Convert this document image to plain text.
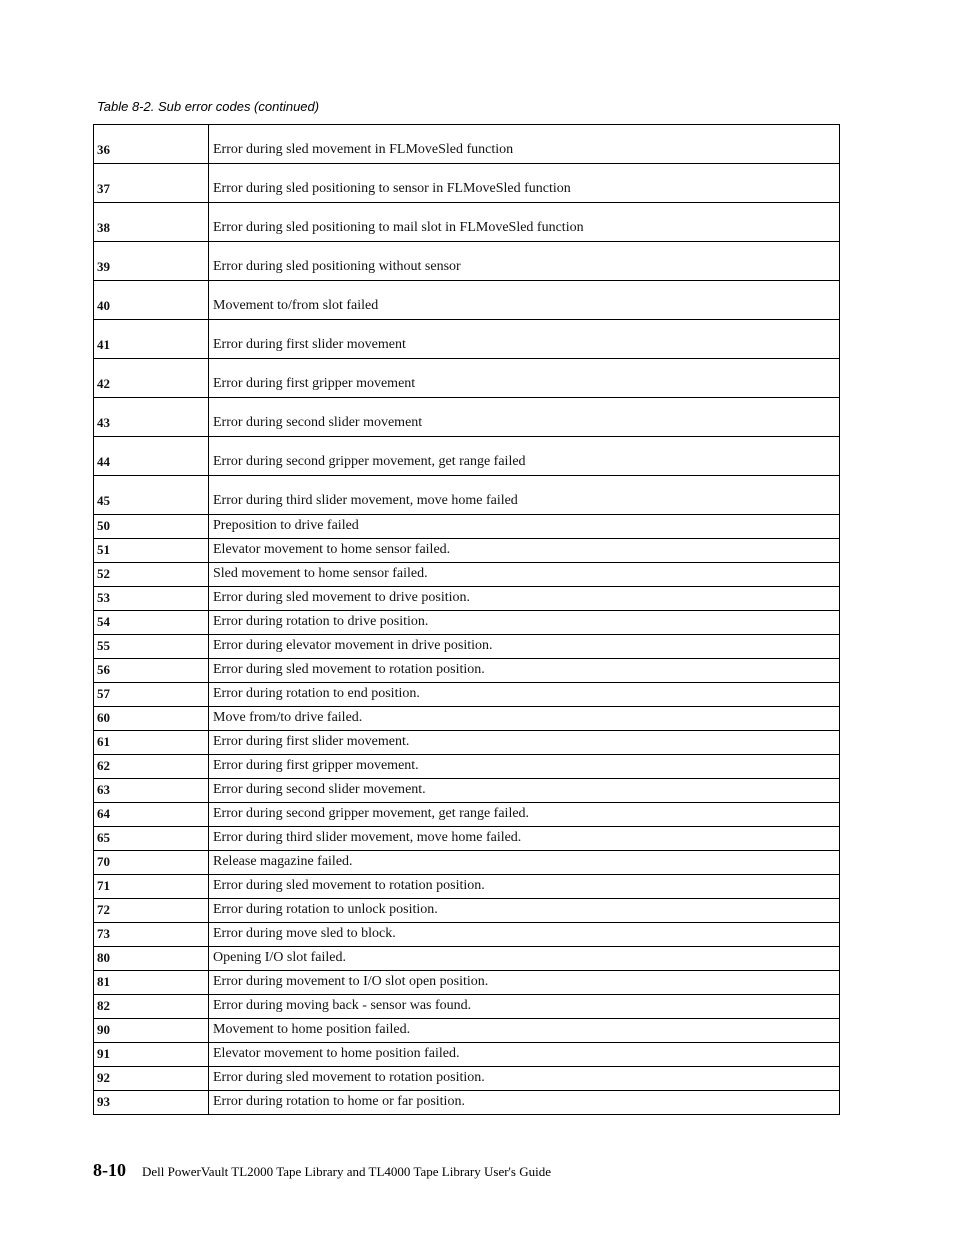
Table 8-2. Sub error codes (continued)
36	Error during sled movement in FLMoveSled function
37	Error during sled positioning to sensor in FLMoveSled function
38	Error during sled positioning to mail slot in FLMoveSled function
39	Error during sled positioning without sensor
40	Movement to/from slot failed
41	Error during first slider movement
42	Error during first gripper movement
43	Error during second slider movement
44	Error during second gripper movement, get range failed
45	Error during third slider movement, move home failed
50	Preposition to drive failed
51	Elevator movement to home sensor failed.
52	Sled movement to home sensor failed.
53	Error during sled movement to drive position.
54	Error during rotation to drive position.
55	Error during elevator movement in drive position.
56	Error during sled movement to rotation position.
57	Error during rotation to end position.
60	Move from/to drive failed.
61	Error during first slider movement.
62	Error during first gripper movement.
63	Error during second slider movement.
64	Error during second gripper movement, get range failed.
65	Error during third slider movement, move home failed.
70	Release magazine failed.
71	Error during sled movement to rotation position.
72	Error during rotation to unlock position.
73	Error during move sled to block.
80	Opening I/O slot failed.
81	Error during movement to I/O slot open position.
82	Error during moving back - sensor was found.
90	Movement to home position failed.
91	Elevator movement to home position failed.
92	Error during sled movement to rotation position.
93	Error during rotation to home or far position.
8-10 Dell PowerVault TL2000 Tape Library and TL4000 Tape Library User's Guide
